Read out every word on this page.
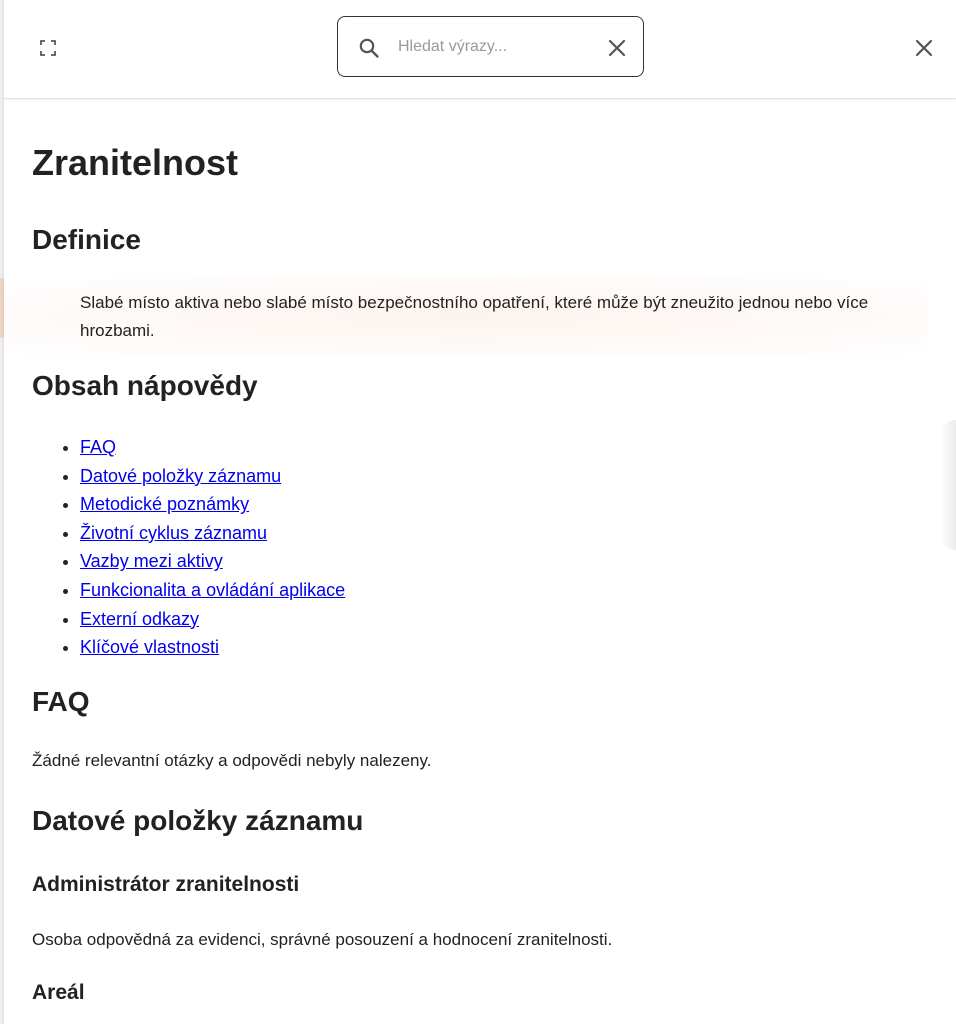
Hledat výrazy...
Zranitelnost
Definice

Slabé místo aktiva nebo slabé místo bezpečnostního opatření, které může být zneužito jednou nebo více hrozbami.

Obsah nápovědy
• FAQ
• Datové položky záznamu
• Metodické poznámky
• Životní cyklus záznamu
• Vazby mezi aktivy
• Funkcionalita a ovládání aplikace
• Externí odkazy
• Klíčové vlastnosti
FAQ

Žádné relevantní otázky a odpovědi nebyly nalezeny.

Datové položky záznamu
Administrátor zranitelnosti

Osoba odpovědná za evidenci, správné posouzení a hodnocení zranitelnosti.

Areál
